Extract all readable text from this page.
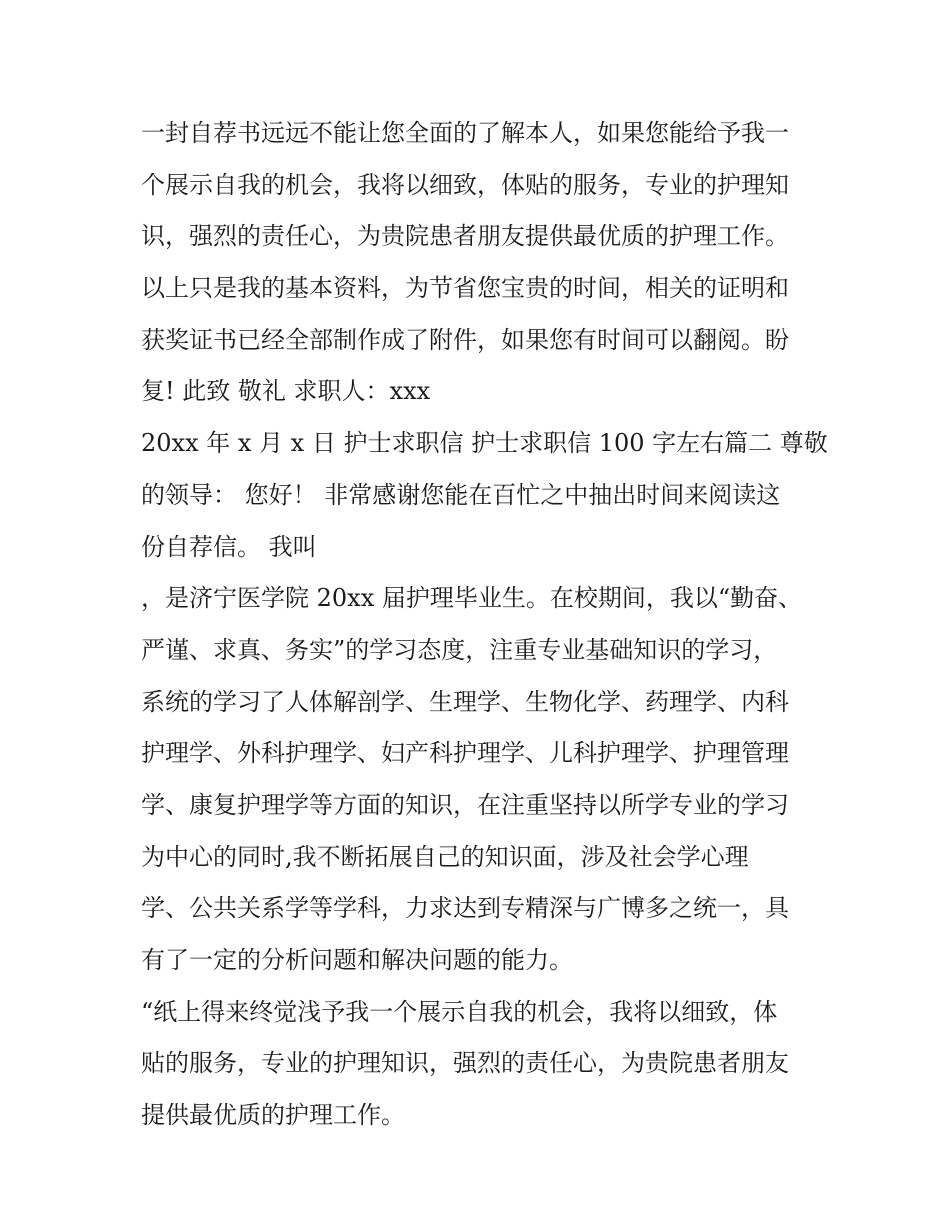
一封自荐书远远不能让您全面的了解本人，如果您能给予我一

个展示自我的机会，我将以细致，体贴的服务，专业的护理知

识，强烈的责任心，为贵院患者朋友提供最优质的护理工作。

以上只是我的基本资料，为节省您宝贵的时间，相关的证明和

获奖证书已经全部制作成了附件，如果您有时间可以翻阅。盼

复! 此致 敬礼 求职人：xxx

20xx 年 x 月 x 日 护士求职信 护士求职信 100 字左右篇二 尊敬

的领导： 您好！ 非常感谢您能在百忙之中抽出时间来阅读这

份自荐信。 我叫

，是济宁医学院 20xx 届护理毕业生。在校期间，我以“勤奋、

严谨、求真、务实”的学习态度，注重专业基础知识的学习，

系统的学习了人体解剖学、生理学、生物化学、药理学、内科

护理学、外科护理学、妇产科护理学、儿科护理学、护理管理

学、康复护理学等方面的知识，在注重坚持以所学专业的学习

为中心的同时,我不断拓展自己的知识面，涉及社会学心理

学、公共关系学等学科，力求达到专精深与广博多之统一，具

有了一定的分析问题和解决问题的能力。

“纸上得来终觉浅予我一个展示自我的机会，我将以细致，体

贴的服务，专业的护理知识，强烈的责任心，为贵院患者朋友

提供最优质的护理工作。
